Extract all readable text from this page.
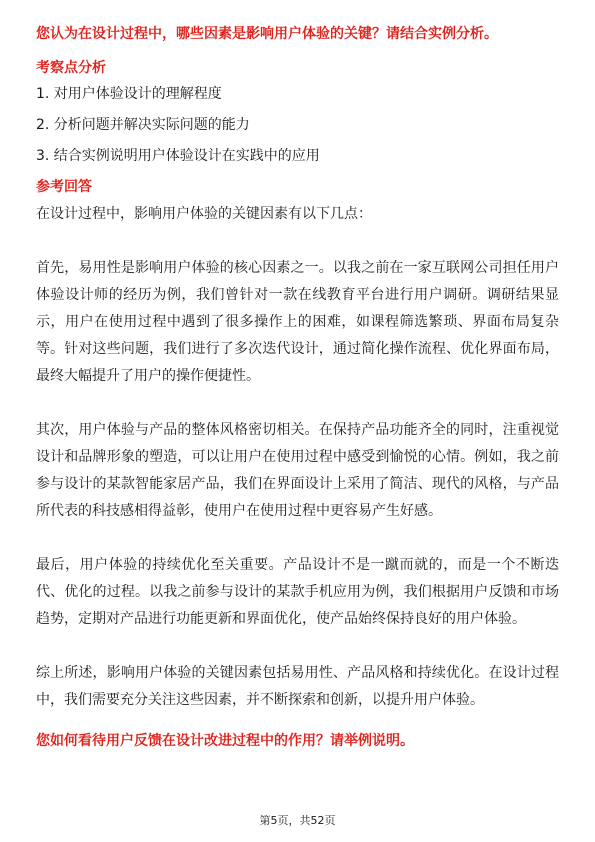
您认为在设计过程中，哪些因素是影响用户体验的关键？请结合实例分析。

考察点分析

1. 对用户体验设计的理解程度
2. 分析问题并解决实际问题的能力
3. 结合实例说明用户体验设计在实践中的应用

参考回答

在设计过程中，影响用户体验的关键因素有以下几点：

首先，易用性是影响用户体验的核心因素之一。以我之前在一家互联网公司担任用户体验设计师的经历为例，我们曾针对一款在线教育平台进行用户调研。调研结果显示，用户在使用过程中遇到了很多操作上的困难，如课程筛选繁琐、界面布局复杂等。针对这些问题，我们进行了多次迭代设计，通过简化操作流程、优化界面布局，最终大幅提升了用户的操作便捷性。

其次，用户体验与产品的整体风格密切相关。在保持产品功能齐全的同时，注重视觉设计和品牌形象的塑造，可以让用户在使用过程中感受到愉悦的心情。例如，我之前参与设计的某款智能家居产品，我们在界面设计上采用了简洁、现代的风格，与产品所代表的科技感相得益彰，使用户在使用过程中更容易产生好感。

最后，用户体验的持续优化至关重要。产品设计不是一蹴而就的，而是一个不断迭代、优化的过程。以我之前参与设计的某款手机应用为例，我们根据用户反馈和市场趋势，定期对产品进行功能更新和界面优化，使产品始终保持良好的用户体验。

综上所述，影响用户体验的关键因素包括易用性、产品风格和持续优化。在设计过程中，我们需要充分关注这些因素，并不断探索和创新，以提升用户体验。

您如何看待用户反馈在设计改进过程中的作用？请举例说明。

第5页，共52页
